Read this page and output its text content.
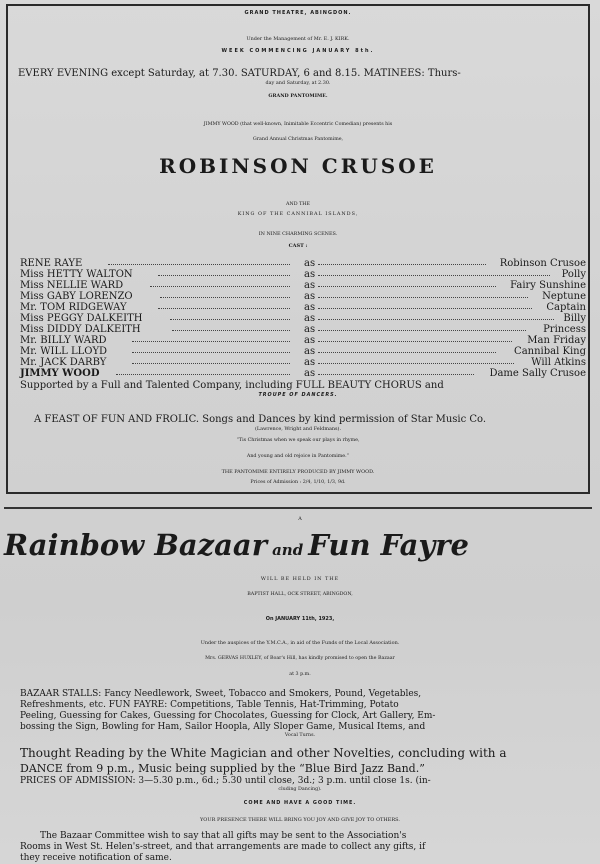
GRAND THEATRE, ABINGDON.
Under the Management of Mr. E. J. KIRK.
WEEK COMMENCING JANUARY 8th.
EVERY EVENING except Saturday, at 7.30. SATURDAY, 6 and 8.15. MATINEES: Thurs-
day and Saturday, at 2.30.
GRAND PANTOMIME.
JIMMY WOOD (that well-known, Inimitable Eccentric Comedian) presents his
Grand Annual Christmas Pantomime,
ROBINSON CRUSOE
AND THE
KING OF THE CANNIBAL ISLANDS,
IN NINE CHARMING SCENES.
CAST :
RENE RAYE	as	Robinson Crusoe
Miss HETTY WALTON	as	Polly
Miss NELLIE WARD	as	Fairy Sunshine
Miss GABY LORENZO	as	Neptune
Mr. TOM RIDGEWAY	as	Captain
Miss PEGGY DALKEITH	as	Billy
Miss DIDDY DALKEITH	as	Princess
Mr. BILLY WARD	as	Man Friday
Mr. WILL LLOYD	as	Cannibal King
Mr. JACK DARBY	as	Will Atkins
JIMMY WOOD	as	Dame Sally Crusoe
Supported by a Full and Talented Company, including FULL BEAUTY CHORUS and
TROUPE OF DANCERS.
A FEAST OF FUN AND FROLIC. Songs and Dances by kind permission of Star Music Co.
(Lawrence, Wright and Feldmans).
“Tis Christmas when we speak our plays in rhyme,
And young and old rejoice in Pantomime.”
THE PANTOMIME ENTIRELY PRODUCED BY JIMMY WOOD.
Prices of Admission : 2/4, 1/10, 1/3, 9d.
A
Rainbow Bazaar and Fun Fayre
WILL BE HELD IN THE
BAPTIST HALL, OCK STREET, ABINGDON,
On JANUARY 11th, 1923,
Under the auspices of the Y.M.C.A., in aid of the Funds of the Local Association.
Mrs. GERVAS HUXLEY, of Boar's Hill, has kindly promised to open the Bazaar
at 3 p.m.
BAZAAR STALLS: Fancy Needlework, Sweet, Tobacco and Smokers, Pound, Vegetables,
Refreshments, etc. FUN FAYRE: Competitions, Table Tennis, Hat-Trimming, Potato
Peeling, Guessing for Cakes, Guessing for Chocolates, Guessing for Clock, Art Gallery, Em-
bossing the Sign, Bowling for Ham, Sailor Hoopla, Ally Sloper Game, Musical Items, and
Vocal Turns.
Thought Reading by the White Magician and other Novelties, concluding with a
DANCE from 9 p.m., Music being supplied by the “Blue Bird Jazz Band.”
PRICES OF ADMISSION: 3—5.30 p.m., 6d.; 5.30 until close, 3d.; 3 p.m. until close 1s. (in-
cluding Dancing).
COME AND HAVE A GOOD TIME.
YOUR PRESENCE THERE WILL BRING YOU JOY AND GIVE JOY TO OTHERS.
The Bazaar Committee wish to say that all gifts may be sent to the Association's
Rooms in West St. Helen's-street, and that arrangements are made to collect any gifts, if
they receive notification of same.
